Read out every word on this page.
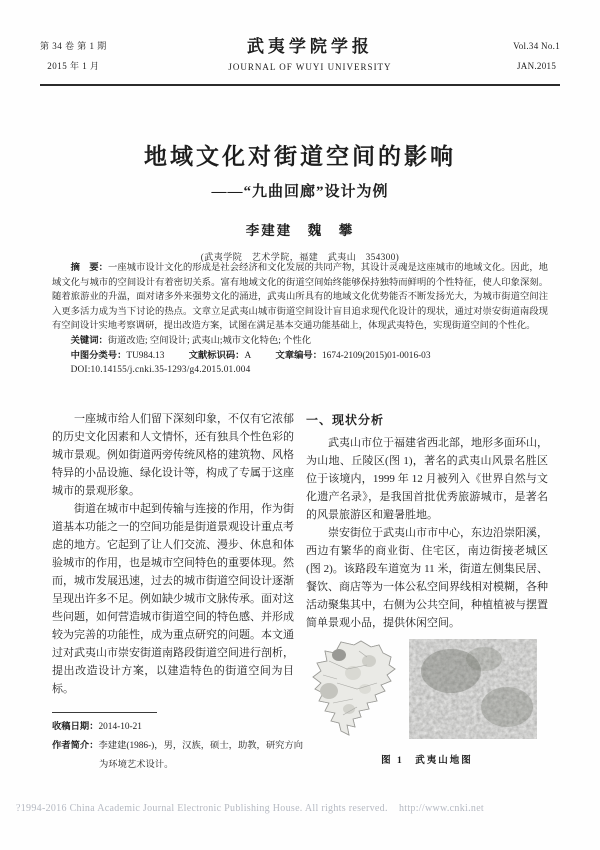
第 34 卷 第 1 期
2015 年 1 月
武夷学院学报
JOURNAL OF WUYI UNIVERSITY
Vol.34 No.1
JAN.2015
地域文化对街道空间的影响
——“九曲回廊”设计为例
李建建　魏　攀
(武夷学院　艺术学院，福建　武夷山　354300)

摘　要：一座城市设计文化的形成是社会经济和文化发展的共同产物，其设计灵魂是这座城市的地域文化。因此，地域文化与城市的空间设计有着密切关系。富有地域文化的街道空间始终能够保持独特而鲜明的个性特征，使人印象深刻。随着旅游业的升温，面对诸多外来强势文化的涌进，武夷山所具有的地域文化优势能否不断发扬光大，为城市街道空间注入更多活力成为当下讨论的热点。文章立足武夷山城市街道空间设计盲目追求现代化设计的现状，通过对崇安街道南段现有空间设计实地考察调研，提出改造方案，试图在满足基本交通功能基础上，体现武夷特色，实现街道空间的个性化。

关键词：街道改造; 空间设计; 武夷山;城市文化特色; 个性化

中图分类号：TU984.13	文献标识码：A	文章编号：1674-2109(2015)01-0016-03

DOI:10.14155/j.cnki.35-1293/g4.2015.01.004

一座城市给人们留下深刻印象，不仅有它浓郁的历史文化因素和人文情怀，还有独具个性色彩的城市景观。例如街道两旁传统风格的建筑物、风格特异的小品设施、绿化设计等，构成了专属于这座城市的景观形象。

街道在城市中起到传输与连接的作用，作为街道基本功能之一的空间功能是街道景观设计重点考虑的地方。它起到了让人们交流、漫步、休息和体验城市的作用，也是城市空间特色的重要体现。然而，城市发展迅速，过去的城市街道空间设计逐渐呈现出许多不足。例如缺少城市文脉传承。面对这些问题，如何营造城市街道空间的特色感、并形成较为完善的功能性，成为重点研究的问题。本文通过对武夷山市崇安街道南路段街道空间进行剖析，提出改造设计方案，以建造特色的街道空间为目标。

一、现状分析

武夷山市位于福建省西北部，地形多面环山，为山地、丘陵区(图 1)，著名的武夷山风景名胜区位于该境内，1999 年 12 月被列入《世界自然与文化遗产名录》，是我国首批优秀旅游城市，是著名的风景旅游区和避暑胜地。

崇安街位于武夷山市市中心，东边沿崇阳溪，西边有繁华的商业街、住宅区，南边街接老城区(图 2)。该路段车道宽为 11 米，街道左侧集民居、餐饮、商店等为一体公私空间界线相对模糊，各种活动聚集其中，右侧为公共空间，种植植被与摆置简单景观小品，提供休闲空间。

图 1　武夷山地图

收稿日期：2014-10-21

作者简介：李建建(1986-)，男，汉族，硕士，助教，研究方向为环境艺术设计。

?1994-2016 China Academic Journal Electronic Publishing House. All rights reserved.    http://www.cnki.net
